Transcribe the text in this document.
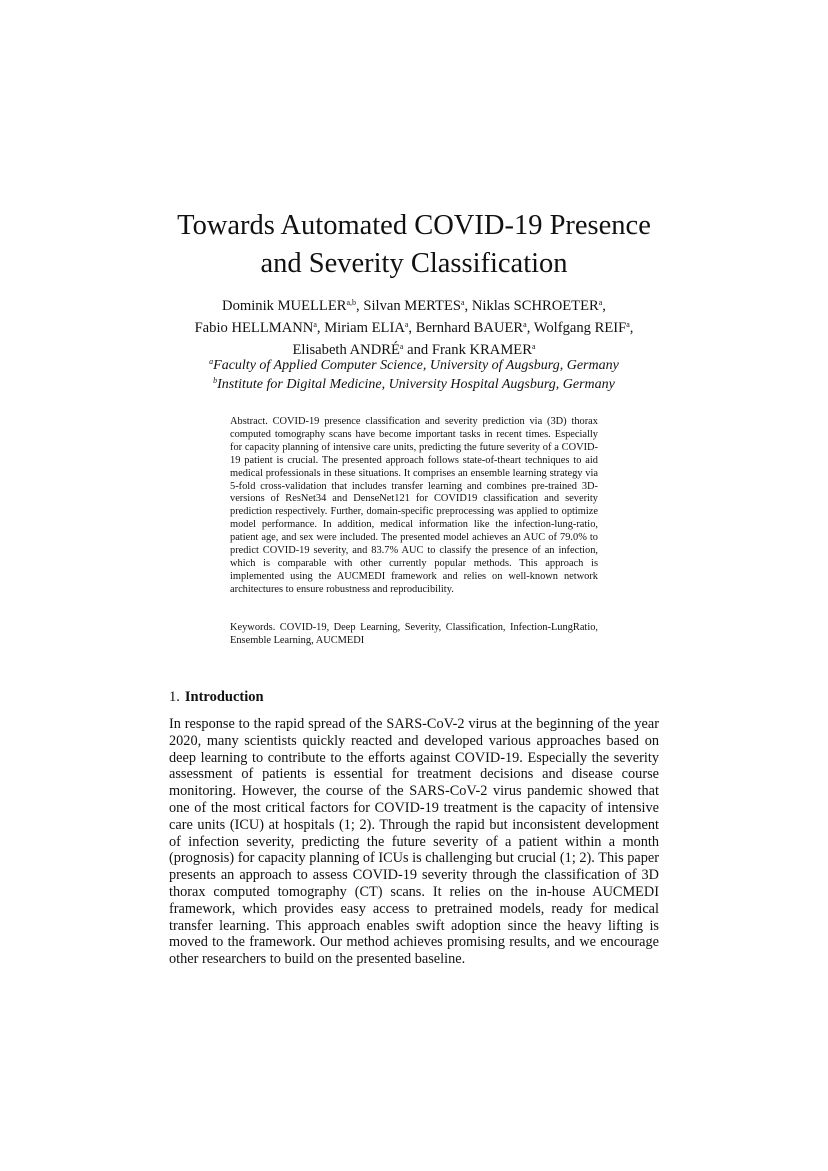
Towards Automated COVID-19 Presence
and Severity Classification
Dominik MUELLER$^{a,b}$, Silvan MERTES$^a$, Niklas SCHROETER$^a$,
Fabio HELLMANN$^a$, Miriam ELIA$^a$, Bernhard BAUER$^a$, Wolfgang REIF$^a$,
Elisabeth ANDRÉ$^a$ and Frank KRAMER$^a$
$^a$Faculty of Applied Computer Science, University of Augsburg, Germany
$^b$Institute for Digital Medicine, University Hospital Augsburg, Germany

Abstract. COVID-19 presence classification and severity prediction via (3D) thorax computed tomography scans have become important tasks in recent times. Especially for capacity planning of intensive care units, predicting the future severity of a COVID-19 patient is crucial. The presented approach follows state-of-theart techniques to aid medical professionals in these situations. It comprises an ensemble learning strategy via 5-fold cross-validation that includes transfer learning and combines pre-trained 3D-versions of ResNet34 and DenseNet121 for COVID19 classification and severity prediction respectively. Further, domain-specific preprocessing was applied to optimize model performance. In addition, medical information like the infection-lung-ratio, patient age, and sex were included. The presented model achieves an AUC of 79.0% to predict COVID-19 severity, and 83.7% AUC to classify the presence of an infection, which is comparable with other currently popular methods. This approach is implemented using the AUCMEDI framework and relies on well-known network architectures to ensure robustness and reproducibility.

Keywords. COVID-19, Deep Learning, Severity, Classification, Infection-LungRatio, Ensemble Learning, AUCMEDI
1. Introduction

In response to the rapid spread of the SARS-CoV-2 virus at the beginning of the year 2020, many scientists quickly reacted and developed various approaches based on deep learning to contribute to the efforts against COVID-19. Especially the severity assessment of patients is essential for treatment decisions and disease course monitoring. However, the course of the SARS-CoV-2 virus pandemic showed that one of the most critical factors for COVID-19 treatment is the capacity of intensive care units (ICU) at hospitals (1; 2). Through the rapid but inconsistent development of infection severity, predicting the future severity of a patient within a month (prognosis) for capacity planning of ICUs is challenging but crucial (1; 2). This paper presents an approach to assess COVID-19 severity through the classification of 3D thorax computed tomography (CT) scans. It relies on the in-house AUCMEDI framework, which provides easy access to pretrained models, ready for medical transfer learning. This approach enables swift adoption since the heavy lifting is moved to the framework. Our method achieves promising results, and we encourage other researchers to build on the presented baseline.
